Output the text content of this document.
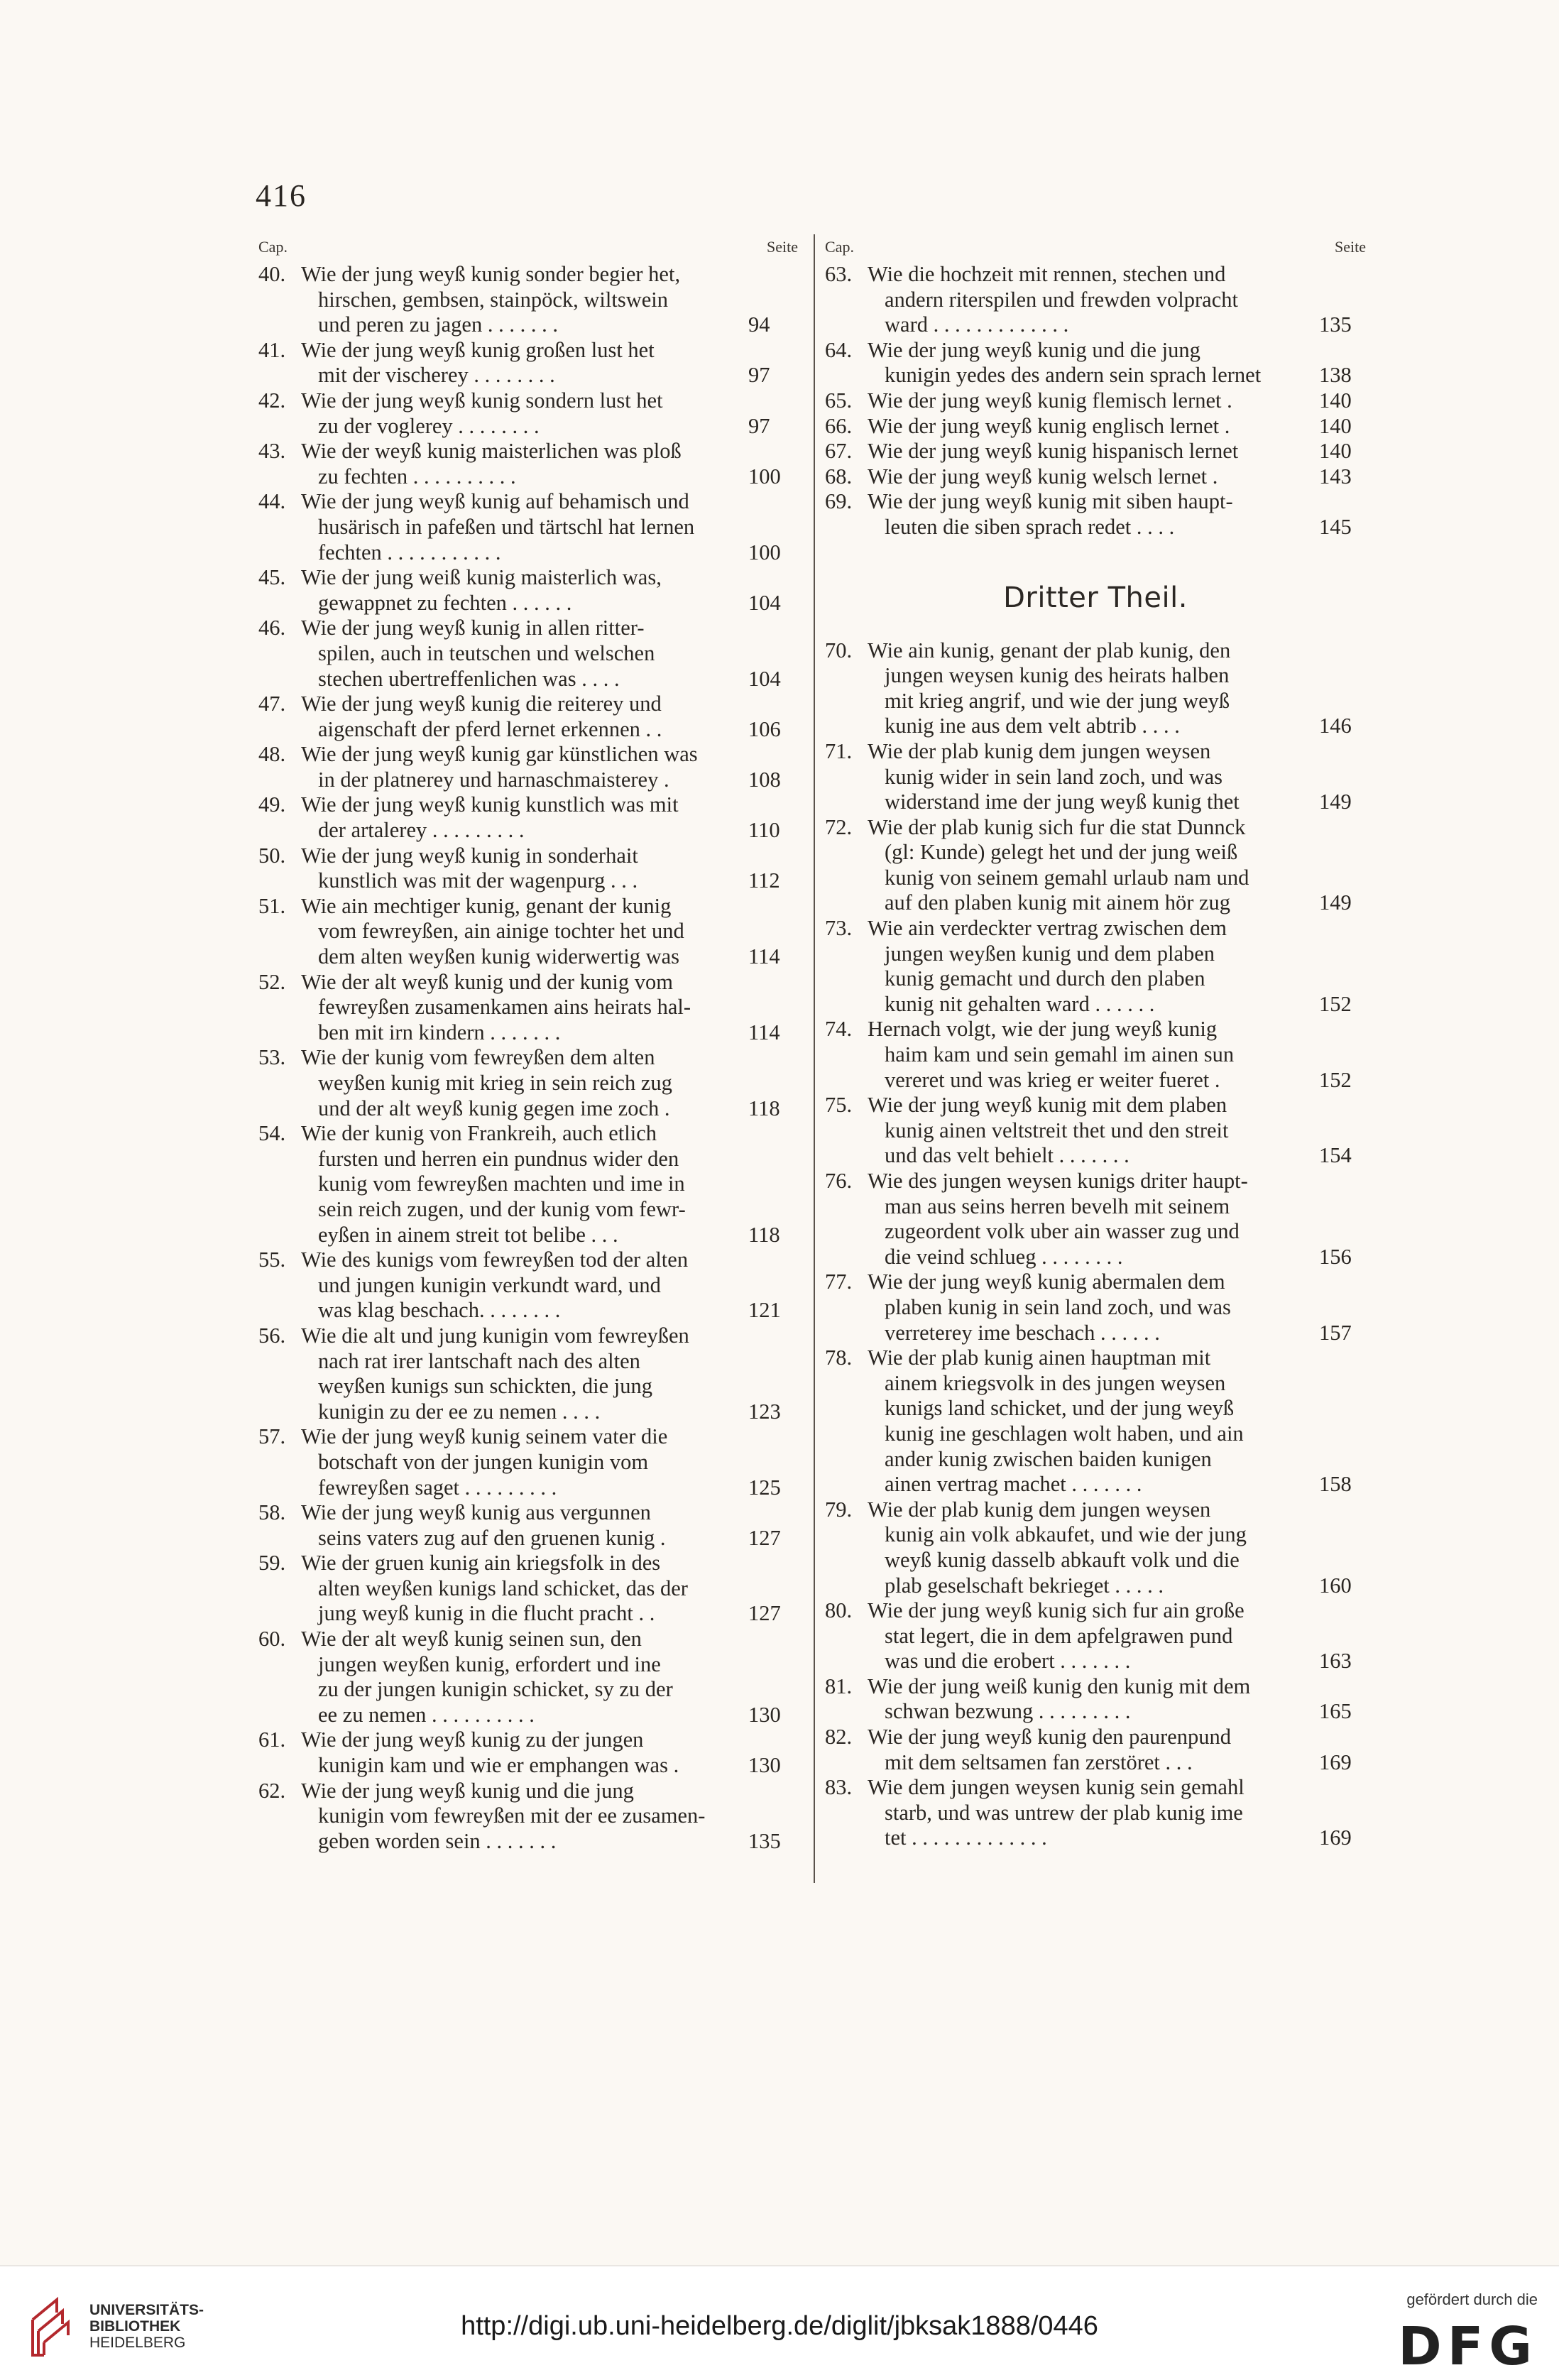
416
Cap.	Seite
40. Wie der jung weyß kunig sonder begier het,
hirschen, gembsen, stainpöck, wiltswein
und peren zu jagen . . . . . . .	94
41. Wie der jung weyß kunig großen lust het
mit der vischerey . . . . . . . .	97
42. Wie der jung weyß kunig sondern lust het
zu der voglerey . . . . . . . .	97
43. Wie der weyß kunig maisterlichen was ploß
zu fechten . . . . . . . . . .	100
44. Wie der jung weyß kunig auf behamisch und
husärisch in pafeßen und tärtschl hat lernen
fechten . . . . . . . . . . .	100
45. Wie der jung weiß kunig maisterlich was,
gewappnet zu fechten . . . . . .	104
46. Wie der jung weyß kunig in allen ritter-
spilen, auch in teutschen und welschen
stechen ubertreffenlichen was . . . .	104
47. Wie der jung weyß kunig die reiterey und
aigenschaft der pferd lernet erkennen . .	106
48. Wie der jung weyß kunig gar künstlichen was
in der platnerey und harnaschmaisterey .	108
49. Wie der jung weyß kunig kunstlich was mit
der artalerey . . . . . . . . .	110
50. Wie der jung weyß kunig in sonderhait
kunstlich was mit der wagenpurg . . .	112
51. Wie ain mechtiger kunig, genant der kunig
vom fewreyßen, ain ainige tochter het und
dem alten weyßen kunig widerwertig was	114
52. Wie der alt weyß kunig und der kunig vom
fewreyßen zusamenkamen ains heirats hal-
ben mit irn kindern . . . . . . .	114
53. Wie der kunig vom fewreyßen dem alten
weyßen kunig mit krieg in sein reich zug
und der alt weyß kunig gegen ime zoch .	118
54. Wie der kunig von Frankreih, auch etlich
fursten und herren ein pundnus wider den
kunig vom fewreyßen machten und ime in
sein reich zugen, und der kunig vom fewr-
eyßen in ainem streit tot belibe . . .	118
55. Wie des kunigs vom fewreyßen tod der alten
und jungen kunigin verkundt ward, und
was klag beschach. . . . . . . .	121
56. Wie die alt und jung kunigin vom fewreyßen
nach rat irer lantschaft nach des alten
weyßen kunigs sun schickten, die jung
kunigin zu der ee zu nemen . . . .	123
57. Wie der jung weyß kunig seinem vater die
botschaft von der jungen kunigin vom
fewreyßen saget . . . . . . . . .	125
58. Wie der jung weyß kunig aus vergunnen
seins vaters zug auf den gruenen kunig .	127
59. Wie der gruen kunig ain kriegsfolk in des
alten weyßen kunigs land schicket, das der
jung weyß kunig in die flucht pracht . .	127
60. Wie der alt weyß kunig seinen sun, den
jungen weyßen kunig, erfordert und ine
zu der jungen kunigin schicket, sy zu der
ee zu nemen . . . . . . . . . .	130
61. Wie der jung weyß kunig zu der jungen
kunigin kam und wie er emphangen was .	130
62. Wie der jung weyß kunig und die jung
kunigin vom fewreyßen mit der ee zusamen-
geben worden sein . . . . . . .	135
Cap.	Seite
63. Wie die hochzeit mit rennen, stechen und
andern riterspilen und frewden volpracht
ward . . . . . . . . . . . . .	135
64. Wie der jung weyß kunig und die jung
kunigin yedes des andern sein sprach lernet	138
65. Wie der jung weyß kunig flemisch lernet .	140
66. Wie der jung weyß kunig englisch lernet .	140
67. Wie der jung weyß kunig hispanisch lernet	140
68. Wie der jung weyß kunig welsch lernet .	143
69. Wie der jung weyß kunig mit siben haupt-
leuten die siben sprach redet . . . .	145
Dritter Theil.
70. Wie ain kunig, genant der plab kunig, den
jungen weysen kunig des heirats halben
mit krieg angrif, und wie der jung weyß
kunig ine aus dem velt abtrib . . . .	146
71. Wie der plab kunig dem jungen weysen
kunig wider in sein land zoch, und was
widerstand ime der jung weyß kunig thet	149
72. Wie der plab kunig sich fur die stat Dunnck
(gl: Kunde) gelegt het und der jung weiß
kunig von seinem gemahl urlaub nam und
auf den plaben kunig mit ainem hör zug	149
73. Wie ain verdeckter vertrag zwischen dem
jungen weyßen kunig und dem plaben
kunig gemacht und durch den plaben
kunig nit gehalten ward . . . . . .	152
74. Hernach volgt, wie der jung weyß kunig
haim kam und sein gemahl im ainen sun
vereret und was krieg er weiter fueret .	152
75. Wie der jung weyß kunig mit dem plaben
kunig ainen veltstreit thet und den streit
und das velt behielt . . . . . . .	154
76. Wie des jungen weysen kunigs driter haupt-
man aus seins herren bevelh mit seinem
zugeordent volk uber ain wasser zug und
die veind schlueg . . . . . . . .	156
77. Wie der jung weyß kunig abermalen dem
plaben kunig in sein land zoch, und was
verreterey ime beschach . . . . . .	157
78. Wie der plab kunig ainen hauptman mit
ainem kriegsvolk in des jungen weysen
kunigs land schicket, und der jung weyß
kunig ine geschlagen wolt haben, und ain
ander kunig zwischen baiden kunigen
ainen vertrag machet . . . . . . .	158
79. Wie der plab kunig dem jungen weysen
kunig ain volk abkaufet, und wie der jung
weyß kunig dasselb abkauft volk und die
plab geselschaft bekrieget . . . . .	160
80. Wie der jung weyß kunig sich fur ain große
stat legert, die in dem apfelgrawen pund
was und die erobert . . . . . . .	163
81. Wie der jung weiß kunig den kunig mit dem
schwan bezwung . . . . . . . . .	165
82. Wie der jung weyß kunig den paurenpund
mit dem seltsamen fan zerstöret . . .	169
83. Wie dem jungen weysen kunig sein gemahl
starb, und was untrew der plab kunig ime
tet . . . . . . . . . . . . .	169
UNIVERSITÄTS-
BIBLIOTHEK
HEIDELBERG
http://digi.ub.uni-heidelberg.de/diglit/jbksak1888/0446
gefördert durch die
DFG
